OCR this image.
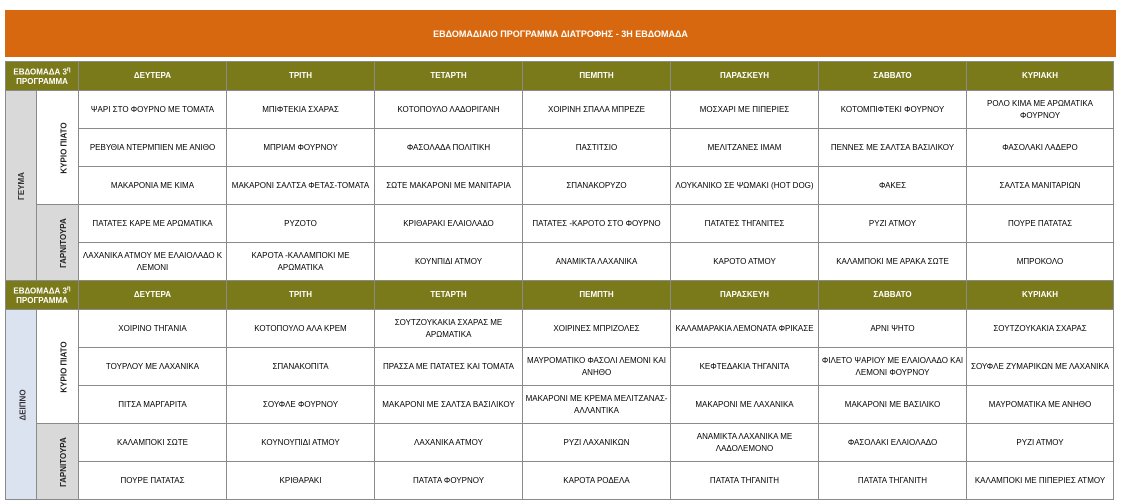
ΕΒΔΟΜΑΔΙΑΙΟ ΠΡΟΓΡΑΜΜΑ ΔΙΑΤΡΟΦΗΣ - 3Η ΕΒΔΟΜΑΔΑ
ΕΒΔΟΜΑΔΑ $3^\eta$
ΠΡΟΓΡΑΜΜΑ		ΔΕΥΤΕΡΑ	ΤΡΙΤΗ	ΤΕΤΑΡΤΗ	ΠΕΜΠΤΗ	ΠΑΡΑΣΚΕΥΗ	ΣΑΒΒΑΤΟ	ΚΥΡΙΑΚΗ
ΓΕΥΜΑ	ΚΥΡΙΟ ΠΙΑΤΟ	ΨΑΡΙ ΣΤΟ ΦΟΥΡΝΟ ΜΕ ΤΟΜΑΤΑ	ΜΠΙΦΤΕΚΙΑ ΣΧΑΡΑΣ	ΚΟΤΟΠΟΥΛΟ ΛΑΔΟΡΙΓΑΝΗ	ΧΟΙΡΙΝΗ ΣΠΑΛΑ ΜΠΡΕΖΕ	ΜΟΣΧΑΡΙ ΜΕ ΠΙΠΕΡΙΕΣ	ΚΟΤΟΜΠΙΦΤΕΚΙ ΦΟΥΡΝΟΥ	ΡΟΛΟ ΚΙΜΑ ΜΕ ΑΡΩΜΑΤΙΚΑ ΦΟΥΡΝΟΥ
		ΡΕΒΥΘΙΑ ΝΤΕΡΜΠΙΕΝ ΜΕ ΑΝΙΘΟ	ΜΠΡΙΑΜ ΦΟΥΡΝΟΥ	ΦΑΣΟΛΑΔΑ ΠΟΛΙΤΙΚΗ	ΠΑΣΤΙΤΣΙΟ	ΜΕΛΙΤΖΑΝΕΣ ΙΜΑΜ	ΠΕΝΝΕΣ ΜΕ ΣΑΛΤΣΑ ΒΑΣΙΛΙΚΟΥ	ΦΑΣΟΛΑΚΙ ΛΑΔΕΡΟ
		ΜΑΚΑΡΟΝΙΑ ΜΕ ΚΙΜΑ	ΜΑΚΑΡΟΝΙ ΣΑΛΤΣΑ ΦΕΤΑΣ-ΤΟΜΑΤΑ	ΣΩΤΕ ΜΑΚΑΡΟΝΙ ΜΕ ΜΑΝΙΤΑΡΙΑ	ΣΠΑΝΑΚΟΡΥΖΟ	ΛΟΥΚΑΝΙΚΟ ΣΕ ΨΩΜΑΚΙ (HOT DOG)	ΦΑΚΕΣ	ΣΑΛΤΣΑ ΜΑΝΙΤΑΡΙΩΝ
	ΓΑΡΝΙΤΟΥΡΑ	ΠΑΤΑΤΕΣ ΚΑΡΕ ΜΕ ΑΡΩΜΑΤΙΚΑ	ΡΥΖΟΤΟ	ΚΡΙΘΑΡΑΚΙ ΕΛΑΙΟΛΑΔΟ	ΠΑΤΑΤΕΣ -ΚΑΡΟΤΟ ΣΤΟ ΦΟΥΡΝΟ	ΠΑΤΑΤΕΣ ΤΗΓΑΝΙΤΕΣ	ΡΥΖΙ ΑΤΜΟΥ	ΠΟΥΡΕ ΠΑΤΑΤΑΣ
		ΛΑΧΑΝΙΚΑ ΑΤΜΟΥ ΜΕ ΕΛΑΙΟΛΑΔΟ Κ ΛΕΜΟΝΙ	ΚΑΡΟΤΑ -ΚΑΛΑΜΠΟΚΙ ΜΕ ΑΡΩΜΑΤΙΚΑ	ΚΟΥΝΠΙΔΙ ΑΤΜΟΥ	ΑΝΑΜΙΚΤΑ ΛΑΧΑΝΙΚΑ	ΚΑΡΟΤΟ ΑΤΜΟΥ	ΚΑΛΑΜΠΟΚΙ ΜΕ ΑΡΑΚΑ ΣΩΤΕ	ΜΠΡΟΚΟΛΟ
ΕΒΔΟΜΑΔΑ $3^\eta$
ΠΡΟΓΡΑΜΜΑ		ΔΕΥΤΕΡΑ	ΤΡΙΤΗ	ΤΕΤΑΡΤΗ	ΠΕΜΠΤΗ	ΠΑΡΑΣΚΕΥΗ	ΣΑΒΒΑΤΟ	ΚΥΡΙΑΚΗ
ΔΕΙΠΝΟ	ΚΥΡΙΟ ΠΙΑΤΟ	ΧΟΙΡΙΝΟ ΤΗΓΑΝΙΑ	ΚΟΤΟΠΟΥΛΟ ΑΛΑ ΚΡΕΜ	ΣΟΥΤΖΟΥΚΑΚΙΑ ΣΧΑΡΑΣ ΜΕ ΑΡΩΜΑΤΙΚΑ	ΧΟΙΡΙΝΕΣ ΜΠΡΙΖΟΛΕΣ	ΚΑΛΑΜΑΡΑΚΙΑ ΛΕΜΟΝΑΤΑ ΦΡΙΚΑΣΕ	ΑΡΝΙ ΨΗΤΟ	ΣΟΥΤΖΟΥΚΑΚΙΑ ΣΧΑΡΑΣ
		ΤΟΥΡΛΟΥ ΜΕ ΛΑΧΑΝΙΚΑ	ΣΠΑΝΑΚΟΠΙΤΑ	ΠΡΑΣΣΑ ΜΕ ΠΑΤΑΤΕΣ ΚΑΙ ΤΟΜΑΤΑ	ΜΑΥΡΟΜΑΤΙΚΟ ΦΑΣΟΛΙ ΛΕΜΟΝΙ ΚΑΙ ΑΝΗΘΟ	ΚΕΦΤΕΔΑΚΙΑ ΤΗΓΑΝΙΤΑ	ΦΙΛΕΤΟ ΨΑΡΙΟΥ ΜΕ ΕΛΑΙΟΛΑΔΟ ΚΑΙ ΛΕΜΟΝΙ ΦΟΥΡΝΟΥ	ΣΟΥΦΛΕ ΖΥΜΑΡΙΚΩΝ ΜΕ ΛΑΧΑΝΙΚΑ
		ΠΙΤΣΑ ΜΑΡΓΑΡΙΤΑ	ΣΟΥΦΛΕ ΦΟΥΡΝΟΥ	ΜΑΚΑΡΟΝΙ ΜΕ ΣΑΛΤΣΑ ΒΑΣΙΛΙΚΟΥ	ΜΑΚΑΡΟΝΙ ΜΕ ΚΡΕΜΑ ΜΕΛΙΤΖΑΝΑΣ-ΑΛΛΑΝΤΙΚΑ	ΜΑΚΑΡΟΝΙ ΜΕ ΛΑΧΑΝΙΚΑ	ΜΑΚΑΡΟΝΙ ΜΕ ΒΑΣΙΛΙΚΟ	ΜΑΥΡΟΜΑΤΙΚΑ ΜΕ ΑΝΗΘΟ
	ΓΑΡΝΙΤΟΥΡΑ	ΚΑΛΑΜΠΟΚΙ ΣΩΤΕ	ΚΟΥΝΟΥΠΙΔΙ ΑΤΜΟΥ	ΛΑΧΑΝΙΚΑ ΑΤΜΟΥ	ΡΥΖΙ ΛΑΧΑΝΙΚΩΝ	ΑΝΑΜΙΚΤΑ ΛΑΧΑΝΙΚΑ ΜΕ ΛΑΔΟΛΕΜΟΝΟ	ΦΑΣΟΛΑΚΙ ΕΛΑΙΟΛΑΔΟ	ΡΥΖΙ ΑΤΜΟΥ
		ΠΟΥΡΕ ΠΑΤΑΤΑΣ	ΚΡΙΘΑΡΑΚΙ	ΠΑΤΑΤΑ ΦΟΥΡΝΟΥ	ΚΑΡΟΤΑ ΡΟΔΕΛΑ	ΠΑΤΑΤΑ ΤΗΓΑΝΙΤΗ	ΠΑΤΑΤΑ ΤΗΓΑΝΙΤΗ	ΚΑΛΑΜΠΟΚΙ ΜΕ ΠΙΠΕΡΙΕΣ ΑΤΜΟΥ
